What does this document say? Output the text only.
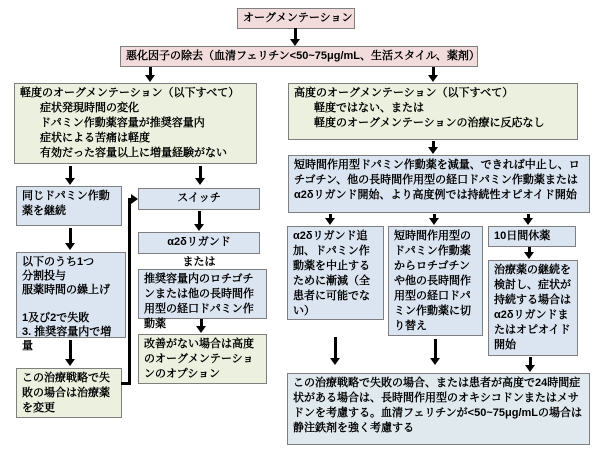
オーグメンテーション
悪化因子の除去（血清フェリチン<50~75μg/mL、生活スタイル、薬剤）
軽度のオーグメンテーション（以下すべて）
症状発現時間の変化
ドパミン作動薬容量が推奨容量内
症状による苦痛は軽度
有効だった容量以上に増量経験がない
高度のオーグメンテーション（以下すべて）
軽度ではない、または
軽度のオーグメンテーションの治療に反応なし
同じドパミン作動薬を継続
スイッチ
α2δリガンド
または
推奨容量内のロチゴチンまたは他の長時間作用型の経口ドパミン作動薬
改善がない場合は高度のオーグメンテーションのオプション
以下のうち1つ
分割投与
服薬時間の繰上げ
1及び2で失敗
3. 推奨容量内で増量
この治療戦略で失敗の場合は治療薬を変更
短時間作用型ドパミン作動薬を減量、できれば中止し、ロチゴチン、他の長時間作用型の経口ドパミン作動薬またはα2δリガンド開始、より高度例では持続性オピオイド開始
α2δリガンド追加、ドパミン作動薬を中止するために漸減（全患者に可能でない）
短時間作用型のドパミン作動薬からロチゴチンや他の長時間作用型の経口ドパミン作動薬に切り替え
10日間休薬
治療薬の継続を検討し、症状が持続する場合はα2δリガンドまたはオピオイド開始
この治療戦略で失敗の場合、または患者が高度で24時間症状がある場合は、長時間作用型のオキシコドンまたはメサドンを考慮する。血清フェリチンが<50~75μg/mLの場合は静注鉄剤を強く考慮する
